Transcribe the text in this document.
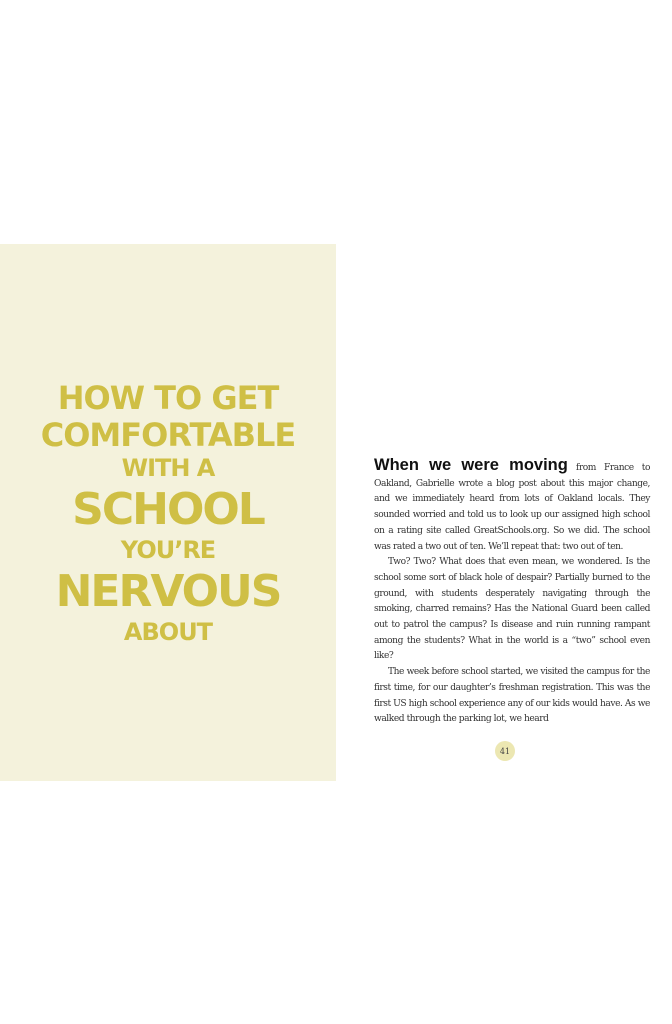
HOW TO GET
COMFORTABLE
WITH A
SCHOOL
YOU’RE
NERVOUS
ABOUT

When we were moving from France to Oakland, Gabrielle wrote a blog post about this major change, and we immediately heard from lots of Oakland locals. They sounded worried and told us to look up our assigned high school on a rating site called GreatSchools.org. So we did. The school was rated a two out of ten. We’ll repeat that: two out of ten.

Two? Two? What does that even mean, we wondered. Is the school some sort of black hole of despair? Partially burned to the ground, with students desperately navigating through the smoking, charred remains? Has the National Guard been called out to patrol the campus? Is disease and ruin running rampant among the students? What in the world is a “two” school even like?

The week before school started, we visited the campus for the first time, for our daughter’s freshman registration. This was the first US high school experience any of our kids would have. As we walked through the parking lot, we heard

41
